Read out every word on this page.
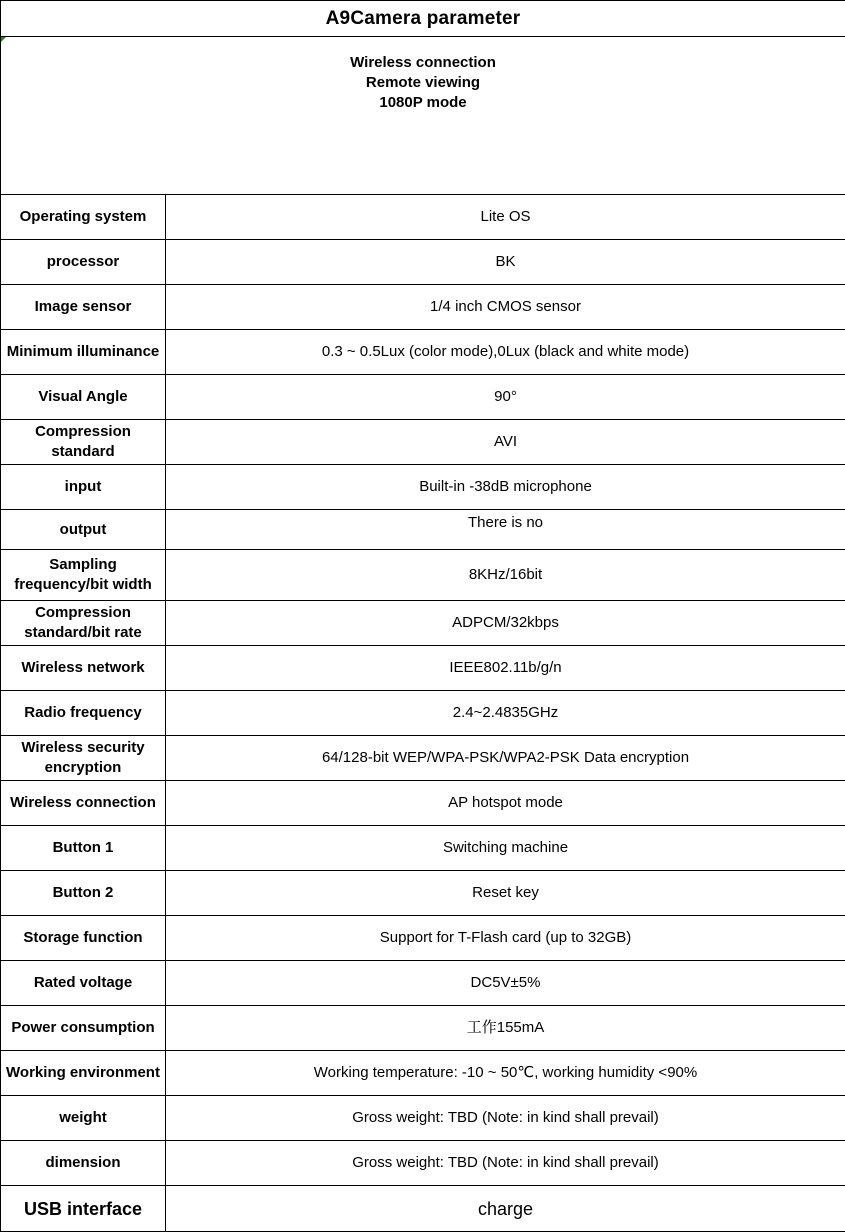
A9Camera parameter	

Wireless connection
Remote viewing
1080P mode	

Operating system	Lite OS
processor	BK
Image sensor	1/4 inch CMOS sensor
Minimum illuminance	0.3 ~ 0.5Lux (color mode),0Lux (black and white mode)
Visual Angle	90°
Compression standard	AVI
input	Built-in -38dB microphone
output	There is no
Sampling frequency/bit width	8KHz/16bit
Compression standard/bit rate	ADPCM/32kbps
Wireless network	IEEE802.11b/g/n
Radio frequency	2.4~2.4835GHz
Wireless security encryption	64/128-bit WEP/WPA-PSK/WPA2-PSK Data encryption
Wireless connection	AP hotspot mode
Button 1	Switching machine
Button 2	Reset key
Storage function	Support for T-Flash card (up to 32GB)
Rated voltage	DC5V±5%
Power consumption	工作155mA
Working environment	Working temperature: -10 ~ 50℃, working humidity <90%
weight	Gross weight: TBD (Note: in kind shall prevail)
dimension	Gross weight: TBD (Note: in kind shall prevail)
USB interface	charge
